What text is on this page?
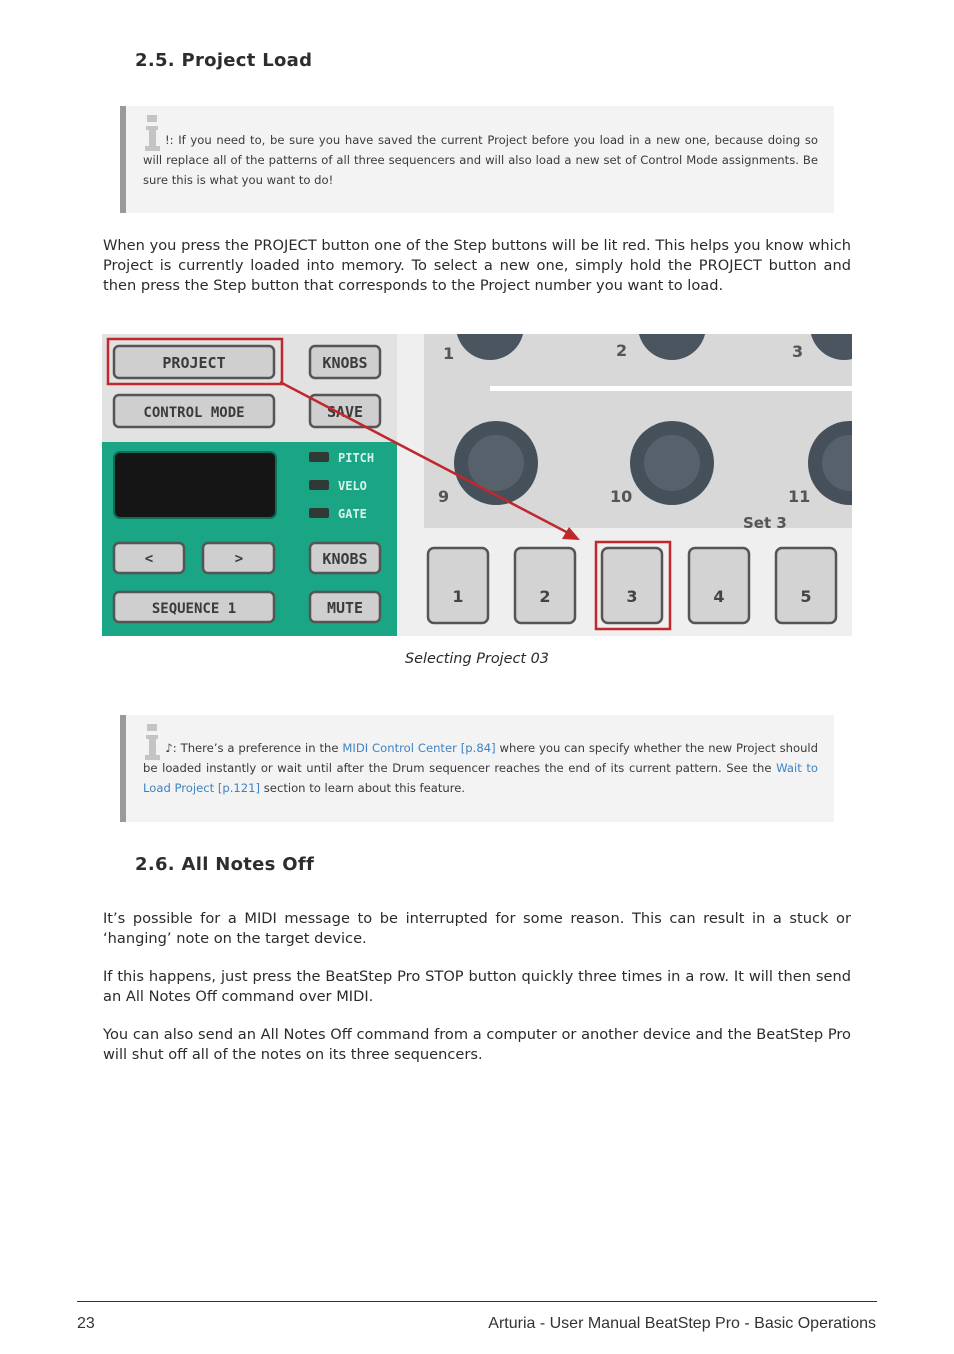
2.5. Project Load
!: If you need to, be sure you have saved the current Project before you load in a new one, because doing so will replace all of the patterns of all three sequencers and will also load a new set of Control Mode assignments. Be sure this is what you want to do!

When you press the PROJECT button one of the Step buttons will be lit red. This helps you know which Project is currently loaded into memory. To select a new one, simply hold the PROJECT button and then press the Step button that corresponds to the Project number you want to load.

PROJECT	KNOBS
CONTROL MODE	SAVE
PITCH
VELO
GATE
<	>	KNOBS
SEQUENCE 1	MUTE
1	2	3
9	10	11
Set 3
1	2	3	4	5
Selecting Project 03
♪: There’s a preference in the MIDI Control Center [p.84] where you can specify whether the new Project should be loaded instantly or wait until after the Drum sequencer reaches the end of its current pattern. See the Wait to Load Project [p.121] section to learn about this feature.
2.6. All Notes Off

It’s possible for a MIDI message to be interrupted for some reason. This can result in a stuck or ‘hanging’ note on the target device.

If this happens, just press the BeatStep Pro STOP button quickly three times in a row. It will then send an All Notes Off command over MIDI.

You can also send an All Notes Off command from a computer or another device and the BeatStep Pro will shut off all of the notes on its three sequencers.

23	Arturia - User Manual BeatStep Pro - Basic Operations
